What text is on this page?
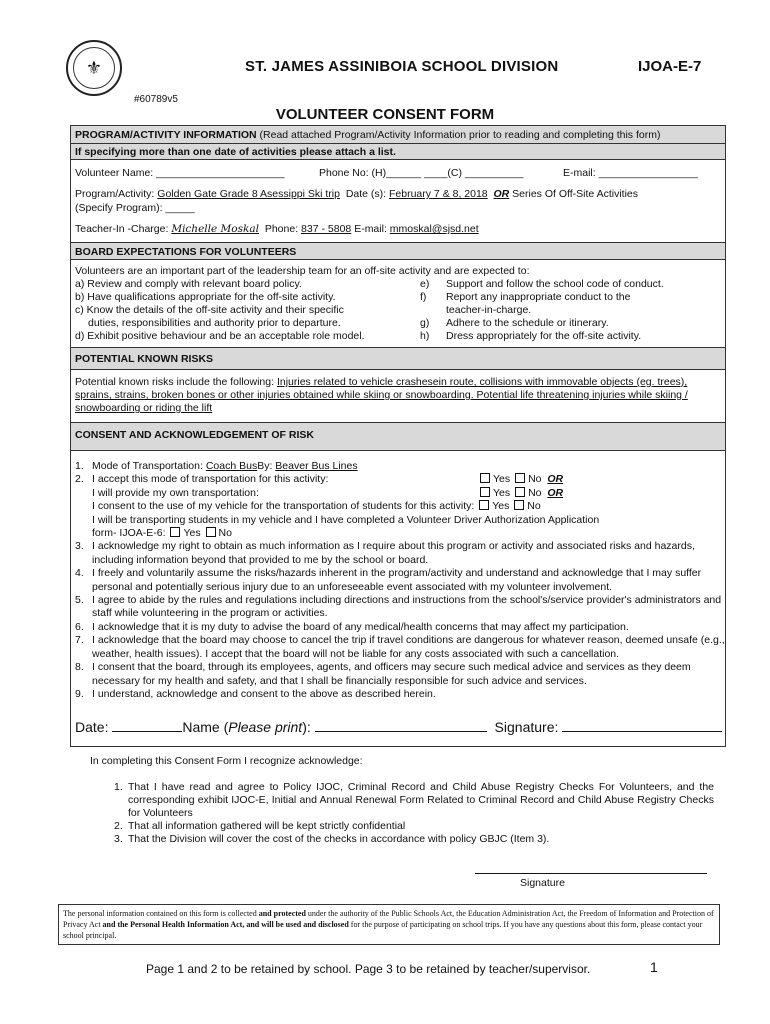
⚜	ST. JAMES ASSINIBOIA SCHOOL DIVISION	IJOA-E-7
#60789v5
VOLUNTEER CONSENT FORM
PROGRAM/ACTIVITY INFORMATION (Read attached Program/Activity Information prior to reading and completing this form)
If specifying more than one date of activities please attach a list.
Volunteer Name: ______________________	Phone No: (H)______ ____(C) __________	E-mail: _________________
Program/Activity: Golden Gate Grade 8 Asessippi Ski trip Date (s): February 7 & 8, 2018 OR Series Of Off-Site Activities
(Specify Program): _____
Teacher-In -Charge: Michelle Moskal Phone: 837 - 5808 E-mail: mmoskal@sjsd.net
BOARD EXPECTATIONS FOR VOLUNTEERS
Volunteers are an important part of the leadership team for an off-site activity and are expected to:
a) Review and comply with relevant board policy.
b) Have qualifications appropriate for the off-site activity.
c) Know the details of the off-site activity and their specific
duties, responsibilities and authority prior to departure.
d) Exhibit positive behaviour and be an acceptable role model.
e) Support and follow the school code of conduct.
f) Report any inappropriate conduct to the
teacher-in-charge.
g) Adhere to the schedule or itinerary.
h) Dress appropriately for the off-site activity.
POTENTIAL KNOWN RISKS
Potential known risks include the following: Injuries related to vehicle crashesein route, collisions with immovable objects (eg. trees), sprains, strains, broken bones or other injuries obtained while skiing or snowboarding. Potential life threatening injuries while skiing / snowboarding or riding the lift
CONSENT AND ACKNOWLEDGEMENT OF RISK
1. Mode of Transportation: Coach BusBy: Beaver Bus Lines
2. I accept this mode of transportation for this activity:	Yes No OR
I will provide my own transportation:	Yes No OR
I consent to the use of my vehicle for the transportation of students for this activity: Yes No
I will be transporting students in my vehicle and I have completed a Volunteer Driver Authorization Application
form- IJOA-E-6: Yes No
3. I acknowledge my right to obtain as much information as I require about this program or activity and associated risks and hazards, including information beyond that provided to me by the school or board.
4. I freely and voluntarily assume the risks/hazards inherent in the program/activity and understand and acknowledge that I may suffer personal and potentially serious injury due to an unforeseeable event associated with my volunteer involvement.
5. I agree to abide by the rules and regulations including directions and instructions from the school's/service provider's administrators and staff while volunteering in the program or activities.
6. I acknowledge that it is my duty to advise the board of any medical/health concerns that may affect my participation.
7. I acknowledge that the board may choose to cancel the trip if travel conditions are dangerous for whatever reason, deemed unsafe (e.g., weather, health issues). I accept that the board will not be liable for any costs associated with such a cancellation.
8. I consent that the board, through its employees, agents, and officers may secure such medical advice and services as they deem necessary for my health and safety, and that I shall be financially responsible for such advice and services.
9. I understand, acknowledge and consent to the above as described herein.
Date:	Name (Please print):	Signature:
In completing this Consent Form I recognize acknowledge:
1. That I have read and agree to Policy IJOC, Criminal Record and Child Abuse Registry Checks For Volunteers, and the corresponding exhibit IJOC-E, Initial and Annual Renewal Form Related to Criminal Record and Child Abuse Registry Checks for Volunteers
2. That all information gathered will be kept strictly confidential
3. That the Division will cover the cost of the checks in accordance with policy GBJC (Item 3).
Signature
The personal information contained on this form is collected and protected under the authority of the Public Schools Act, the Education Administration Act, the Freedom of Information and Protection of Privacy Act and the Personal Health Information Act, and will be used and disclosed for the purpose of participating on school trips. If you have any questions about this form, please contact your school principal.
Page 1 and 2 to be retained by school. Page 3 to be retained by teacher/supervisor.	1
